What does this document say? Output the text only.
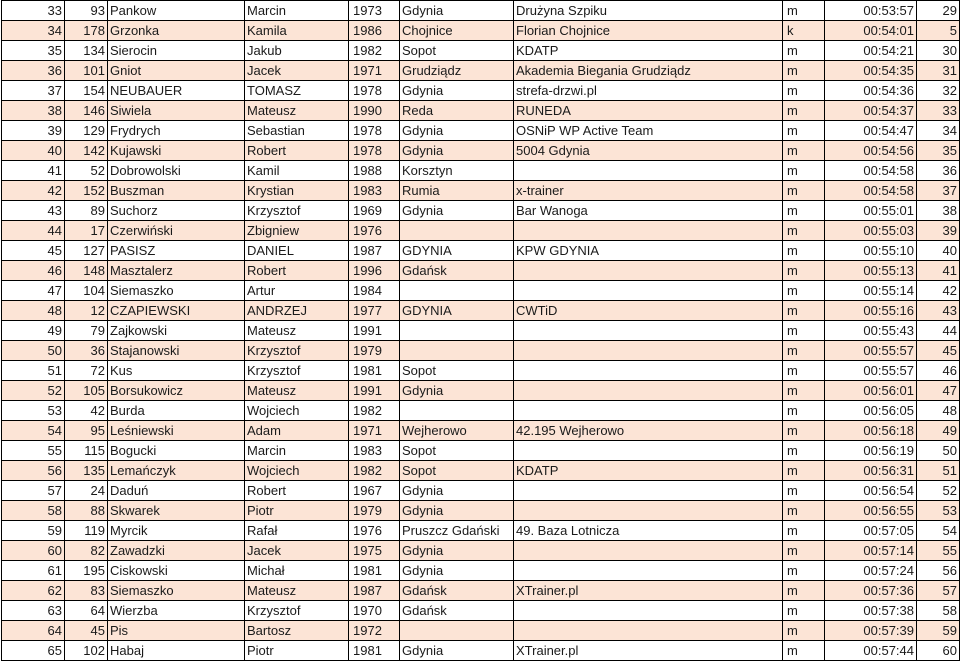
33	93	Pankow	Marcin	1973	Gdynia	Drużyna Szpiku	m	00:53:57	29
34	178	Grzonka	Kamila	1986	Chojnice	Florian Chojnice	k	00:54:01	5
35	134	Sierocin	Jakub	1982	Sopot	KDATP	m	00:54:21	30
36	101	Gniot	Jacek	1971	Grudziądz	Akademia Biegania Grudziądz	m	00:54:35	31
37	154	NEUBAUER	TOMASZ	1978	Gdynia	strefa-drzwi.pl	m	00:54:36	32
38	146	Siwiela	Mateusz	1990	Reda	RUNEDA	m	00:54:37	33
39	129	Frydrych	Sebastian	1978	Gdynia	OSNiP WP Active Team	m	00:54:47	34
40	142	Kujawski	Robert	1978	Gdynia	5004 Gdynia	m	00:54:56	35
41	52	Dobrowolski	Kamil	1988	Korsztyn		m	00:54:58	36
42	152	Buszman	Krystian	1983	Rumia	x-trainer	m	00:54:58	37
43	89	Suchorz	Krzysztof	1969	Gdynia	Bar Wanoga	m	00:55:01	38
44	17	Czerwiński	Zbigniew	1976			m	00:55:03	39
45	127	PASISZ	DANIEL	1987	GDYNIA	KPW GDYNIA	m	00:55:10	40
46	148	Masztalerz	Robert	1996	Gdańsk		m	00:55:13	41
47	104	Siemaszko	Artur	1984			m	00:55:14	42
48	12	CZAPIEWSKI	ANDRZEJ	1977	GDYNIA	CWTiD	m	00:55:16	43
49	79	Zajkowski	Mateusz	1991			m	00:55:43	44
50	36	Stajanowski	Krzysztof	1979			m	00:55:57	45
51	72	Kus	Krzysztof	1981	Sopot		m	00:55:57	46
52	105	Borsukowicz	Mateusz	1991	Gdynia		m	00:56:01	47
53	42	Burda	Wojciech	1982			m	00:56:05	48
54	95	Leśniewski	Adam	1971	Wejherowo	42.195 Wejherowo	m	00:56:18	49
55	115	Bogucki	Marcin	1983	Sopot		m	00:56:19	50
56	135	Lemańczyk	Wojciech	1982	Sopot	KDATP	m	00:56:31	51
57	24	Daduń	Robert	1967	Gdynia		m	00:56:54	52
58	88	Skwarek	Piotr	1979	Gdynia		m	00:56:55	53
59	119	Myrcik	Rafał	1976	Pruszcz Gdański	49. Baza Lotnicza	m	00:57:05	54
60	82	Zawadzki	Jacek	1975	Gdynia		m	00:57:14	55
61	195	Ciskowski	Michał	1981	Gdynia		m	00:57:24	56
62	83	Siemaszko	Mateusz	1987	Gdańsk	XTrainer.pl	m	00:57:36	57
63	64	Wierzba	Krzysztof	1970	Gdańsk		m	00:57:38	58
64	45	Pis	Bartosz	1972			m	00:57:39	59
65	102	Habaj	Piotr	1981	Gdynia	XTrainer.pl	m	00:57:44	60
